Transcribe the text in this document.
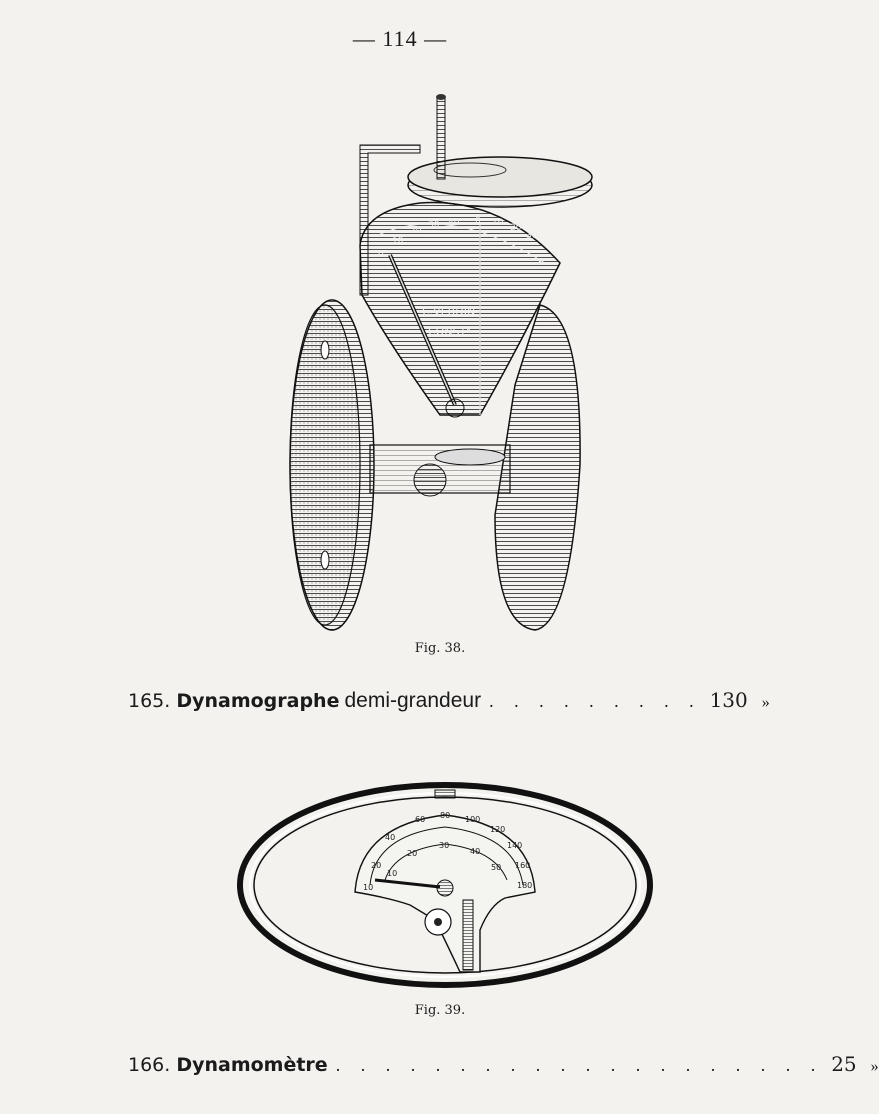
— 114 —
0
10
20
30 40 0 10 20
30
K
C.VERDIN
CONSTᴿ
Fig. 38.
165. Dynamographe demi-grandeur . . . . . . . . . 130 »
10
20
40
60 80 100
120
140
160
180
10
20
30
40
50
Fig. 39.
166. Dynamomètre . . . . . . . . . . . . . . . . . . . . 25 »
